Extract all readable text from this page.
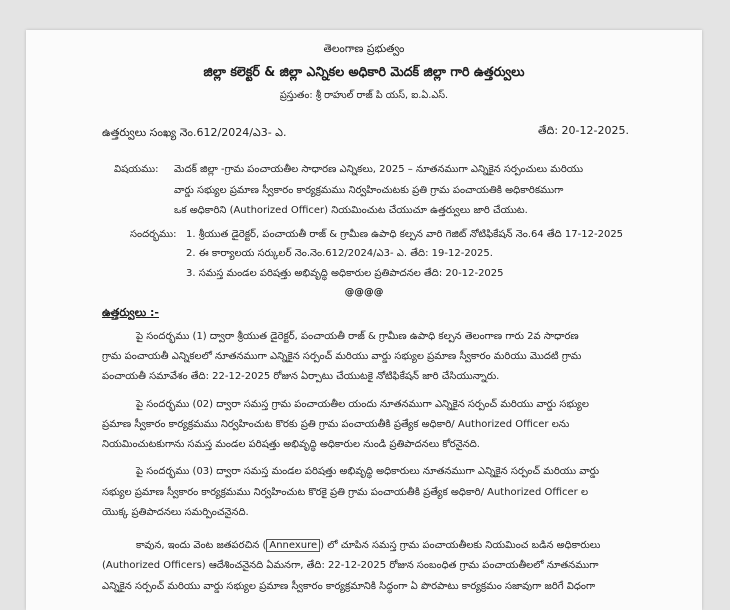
తెలంగాణ ప్రభుత్వం
జిల్లా కలెక్టర్ & జిల్లా ఎన్నికల అధికారి మెదక్ జిల్లా గారి ఉత్తర్వులు
ప్రస్తుతం: శ్రీ రాహుల్ రాజ్ పి యస్, ఐ.ఏ.ఎస్.
ఉత్తర్వులు సంఖ్య నెం.612/2024/ఎ3- ఎ.	తేది: 20-12-2025.
విషయము: మెదక్ జిల్లా -గ్రామ పంచాయతీల సాధారణ ఎన్నికలు, 2025 – నూతనముగా ఎన్నికైన సర్పంచులు మరియు
వార్డు సభ్యుల ప్రమాణ స్వీకారం కార్యక్రమము నిర్వహించుటకు ప్రతి గ్రామ పంచాయతికి అధికారికముగా
ఒక అధికారిని (Authorized Officer) నియమించుట చేయుచూ ఉత్తర్వులు జారి చేయుట.
సందర్భము: 1. శ్రీయుత డైరెక్టర్, పంచాయతీ రాజ్ & గ్రామీణ ఉపాధి కల్పన వారి గెజిట్ నోటిఫికేషన్ నెం.64 తేది 17-12-2025
2. ఈ కార్యాలయ సర్కులర్ నెం.నెం.612/2024/ఎ3- ఎ. తేది: 19-12-2025.
3. సమస్త మండల పరిషత్తు అభివృద్ధి అధికారుల ప్రతిపాదనల తేది: 20-12-2025
@@@@
ఉత్తర్వులు :-
పై సందర్భము (1) ద్వారా శ్రీయుత డైరెక్టర్, పంచాయతీ రాజ్ & గ్రామీణ ఉపాధి కల్పన తెలంగాణ గారు 2వ సాధారణ
గ్రామ పంచాయతీ ఎన్నికలలో నూతనముగా ఎన్నికైన సర్పంచ్ మరియు వార్డు సభ్యుల ప్రమాణ స్వీకారం మరియు మొదటి గ్రామ
పంచాయతీ సమావేశం తేది: 22-12-2025 రోజున ఏర్పాటు చేయుటకై నోటిఫికేషన్ జారి చేసియున్నారు.
పై సందర్భము (02) ద్వారా సమస్త గ్రామ పంచాయతీల యందు నూతనముగా ఎన్నికైన సర్పంచ్ మరియు వార్డు సభ్యుల
ప్రమాణ స్వీకారం కార్యక్రమము నిర్వహించుట కొరకు ప్రతి గ్రామ పంచాయతీకి ప్రత్యేక అధికారి/ Authorized Officer లను
నియమించుటకుగాను సమస్త మండల పరిషత్తు అభివృద్ధి అధికారుల నుండి ప్రతిపాదనలు కోరనైనది.
పై సందర్భము (03) ద్వారా సమస్త మండల పరిషత్తు అభివృద్ధి అధికారులు నూతనముగా ఎన్నికైన సర్పంచ్ మరియు వార్డు
సభ్యుల ప్రమాణ స్వీకారం కార్యక్రమము నిర్వహించుట కొరకై ప్రతి గ్రామ పంచాయతీకి ప్రత్యేక అధికారి/ Authorized Officer ల
యొక్క ప్రతిపాదనలు సమర్పించనైనది.
కావున, ఇందు వెంట జతపరచిన ( Annexure ) లో చూపిన సమస్త గ్రామ పంచాయతీలకు నియమించ బడిన అధికారులు
(Authorized Officers) ఆదేశించనైనది ఏమనగా, తేది: 22-12-2025 రోజున సంబంధిత గ్రామ పంచాయతీలలో నూతనముగా
ఎన్నికైన సర్పంచ్ మరియు వార్డు సభ్యుల ప్రమాణ స్వీకారం కార్యక్రమానికి సిద్ధంగా ఏ పొరపాటు కార్యక్రమం సజావుగా జరిగే విధంగా
